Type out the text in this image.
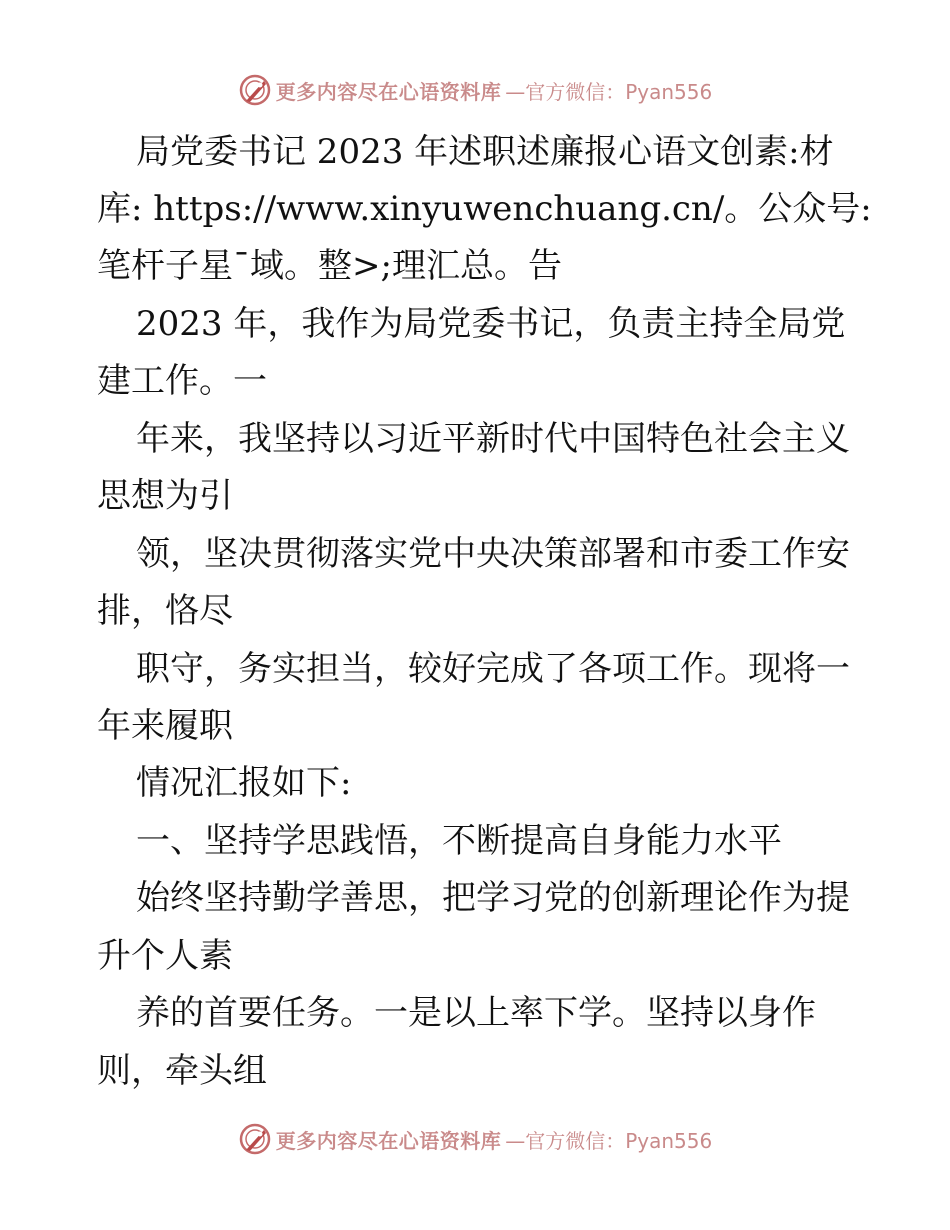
更多内容尽在心语资料库 —官方微信：Pyan556
局党委书记 2023 年述职述廉报心语文创素:材
库: https://www.xinyuwenchuang.cn/。公众号:
笔杆子星¯域。整>;理汇总。告
2023 年，我作为局党委书记，负责主持全局党
建工作。一
年来，我坚持以习近平新时代中国特色社会主义
思想为引
领，坚决贯彻落实党中央决策部署和市委工作安
排，恪尽
职守，务实担当，较好完成了各项工作。现将一
年来履职
情况汇报如下:
一、坚持学思践悟，不断提高自身能力水平
始终坚持勤学善思，把学习党的创新理论作为提
升个人素
养的首要任务。一是以上率下学。坚持以身作
则，牵头组
更多内容尽在心语资料库 —官方微信：Pyan556
